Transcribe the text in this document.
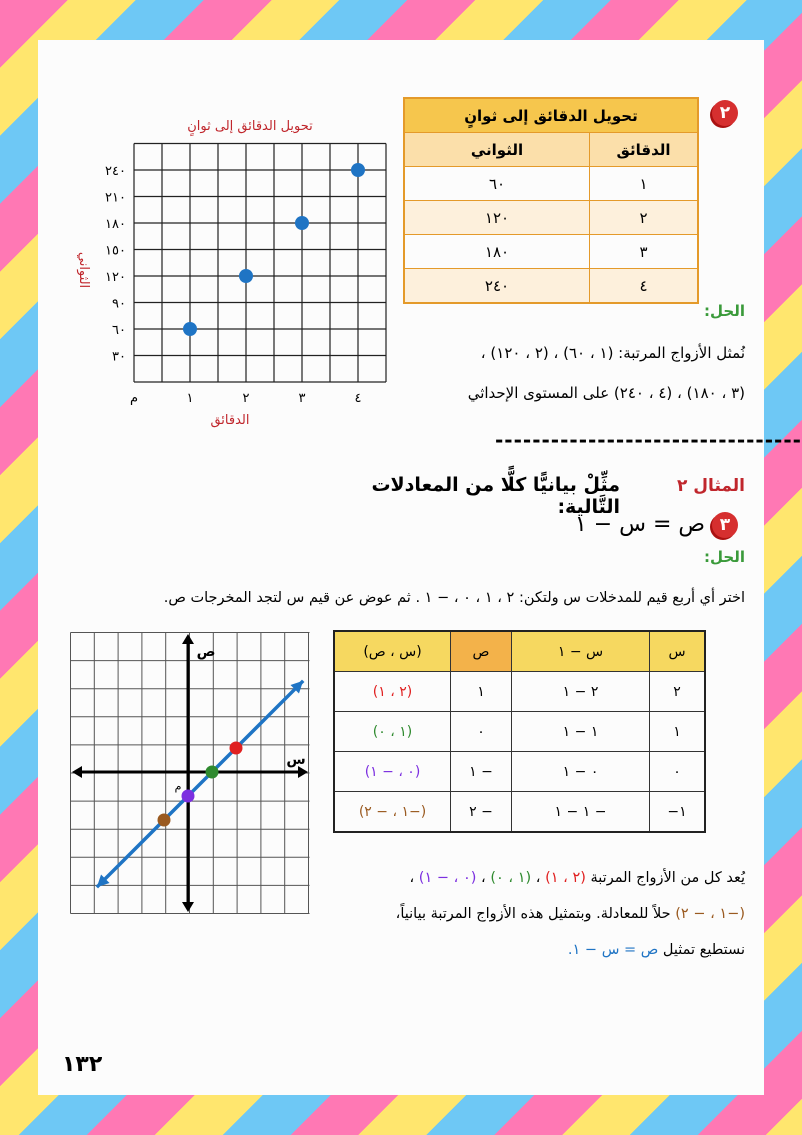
٢
تحويل الدقائق إلى ثوانٍ	
الدقائق	الثواني
١	٦٠
٢	١٢٠
٣	١٨٠
٤	٢٤٠
الحل:
نُمثل الأزواج المرتبة: (١ ، ٦٠) ، (٢ ، ١٢٠) ،
(٣ ، ١٨٠) ، (٤ ، ٢٤٠) على المستوى الإحداثي
تحويل الدقائق إلى ثوانٍ
٣٠
٦٠
٩٠
١٢٠
١٥٠
١٨٠
٢١٠
٢٤٠
١	٢	٣	٤
م
الدقائق
الثواني
---------------------------------
المثال ٢
مثِّلْ بيانيًّا كلًّا من المعادلات التَّالية:
٣
ص = س − ١
الحل:
اختر أي أربع قيم للمدخلات س ولتكن: ٢ ، ١ ، ٠ ، − ١ . ثم عوض عن قيم س لتجد المخرجات ص.
س	س − ١	ص	(س ، ص)
٢	٢ − ١	١	(٢ ، ١)
١	١ − ١	٠	(١ ، ٠)
٠	٠ − ١	− ١	(٠ ، − ١)
١−	− ١ − ١	− ٢	(−١ ، − ٢)
ص
س
م
يُعد كل من الأزواج المرتبة (٢ ، ١) ، (١ ، ٠) ، (٠ ، − ١) ،
(−١ ، − ٢) حلاً للمعادلة. وبتمثيل هذه الأزواج المرتبة بيانياً،
نستطيع تمثيل ص = س − ١.
١٣٢
